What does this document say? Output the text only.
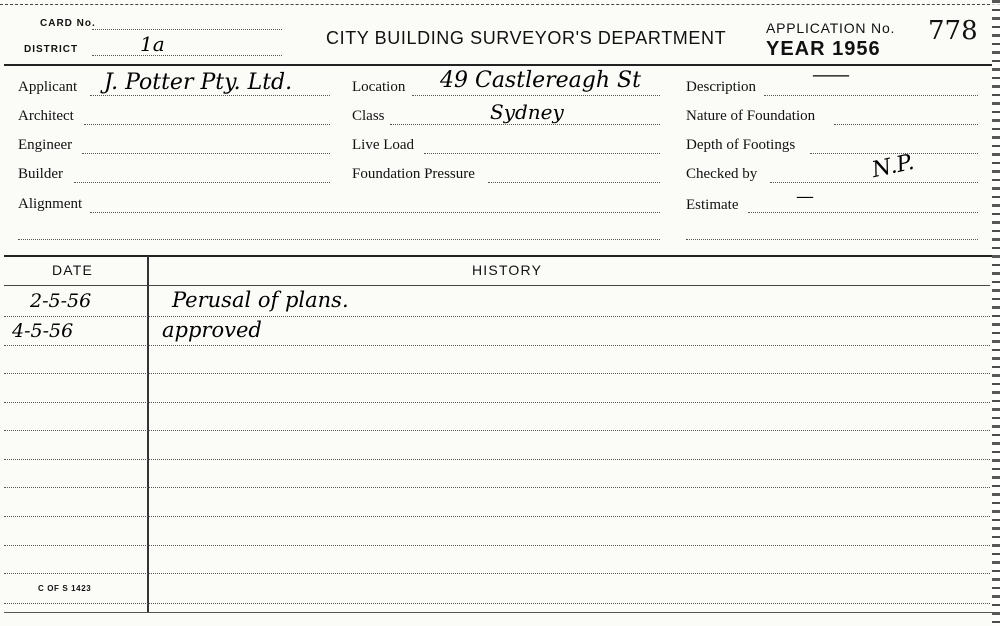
CARD No.
DISTRICT	1a	CITY BUILDING SURVEYOR'S DEPARTMENT	APPLICATION No.
YEAR 1956
778
Applicant J. Potter Pty. Ltd.
Architect
Engineer
Builder
Alignment
Location 49 Castlereagh St
Class	Sydney
Live Load
Foundation Pressure
Description
——
Nature of Foundation
Depth of Footings
Checked by	N.P.
Estimate	—
DATE	HISTORY
2-5-56	Perusal of plans.
4-5-56	approved
C OF S 1423
